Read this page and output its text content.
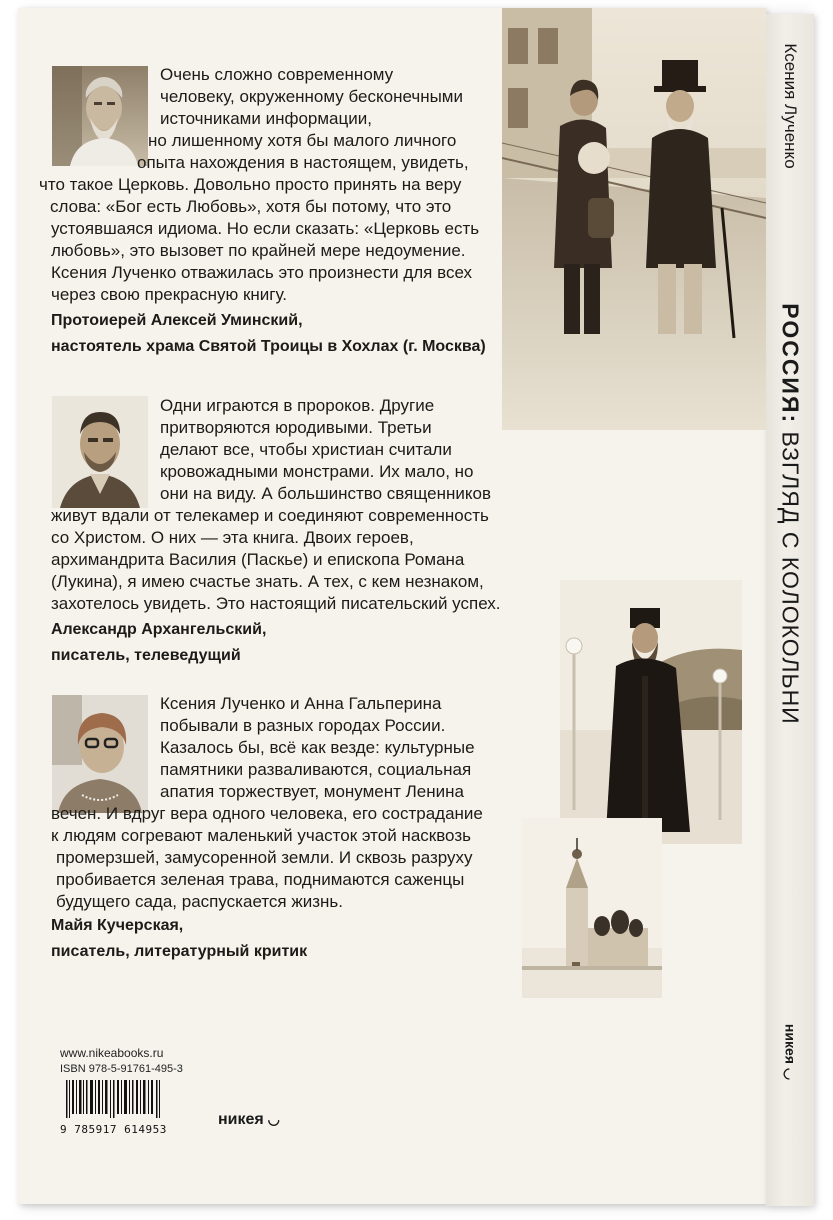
Ксения Лученко
РОССИЯ: ВЗГЛЯД С КОЛОКОЛЬНИ
никея ◡
Очень сложно современному
человеку, окруженному бесконечными
источниками информации,
но лишенному хотя бы малого личного
опыта нахождения в настоящем, увидеть,
что такое Церковь. Довольно просто принять на веру
слова: «Бог есть Любовь», хотя бы потому, что это
устоявшаяся идиома. Но если сказать: «Церковь есть
любовь», это вызовет по крайней мере недоумение.
Ксения Лученко отважилась это произнести для всех
через свою прекрасную книгу.
Протоиерей Алексей Уминский,
настоятель храма Святой Троицы в Хохлах (г. Москва)
Одни играются в пророков. Другие
притворяются юродивыми. Третьи
делают все, чтобы христиан считали
кровожадными монстрами. Их мало, но
они на виду. А большинство священников
живут вдали от телекамер и соединяют современность
со Христом. О них — эта книга. Двоих героев,
архимандрита Василия (Паскье) и епископа Романа
(Лукина), я имею счастье знать. А тех, с кем незнаком,
захотелось увидеть. Это настоящий писательский успех.
Александр Архангельский,
писатель, телеведущий
Ксения Лученко и Анна Гальперина
побывали в разных городах России.
Казалось бы, всё как везде: культурные
памятники разваливаются, социальная
апатия торжествует, монумент Ленина
вечен. И вдруг вера одного человека, его сострадание
к людям согревают маленький участок этой насквозь
промерзшей, замусоренной земли. И сквозь разруху
пробивается зеленая трава, поднимаются саженцы
будущего сада, распускается жизнь.
Майя Кучерская,
писатель, литературный критик
www.nikeabooks.ru
ISBN 978-5-91761-495-3
9 785917 614953
никея ◡
